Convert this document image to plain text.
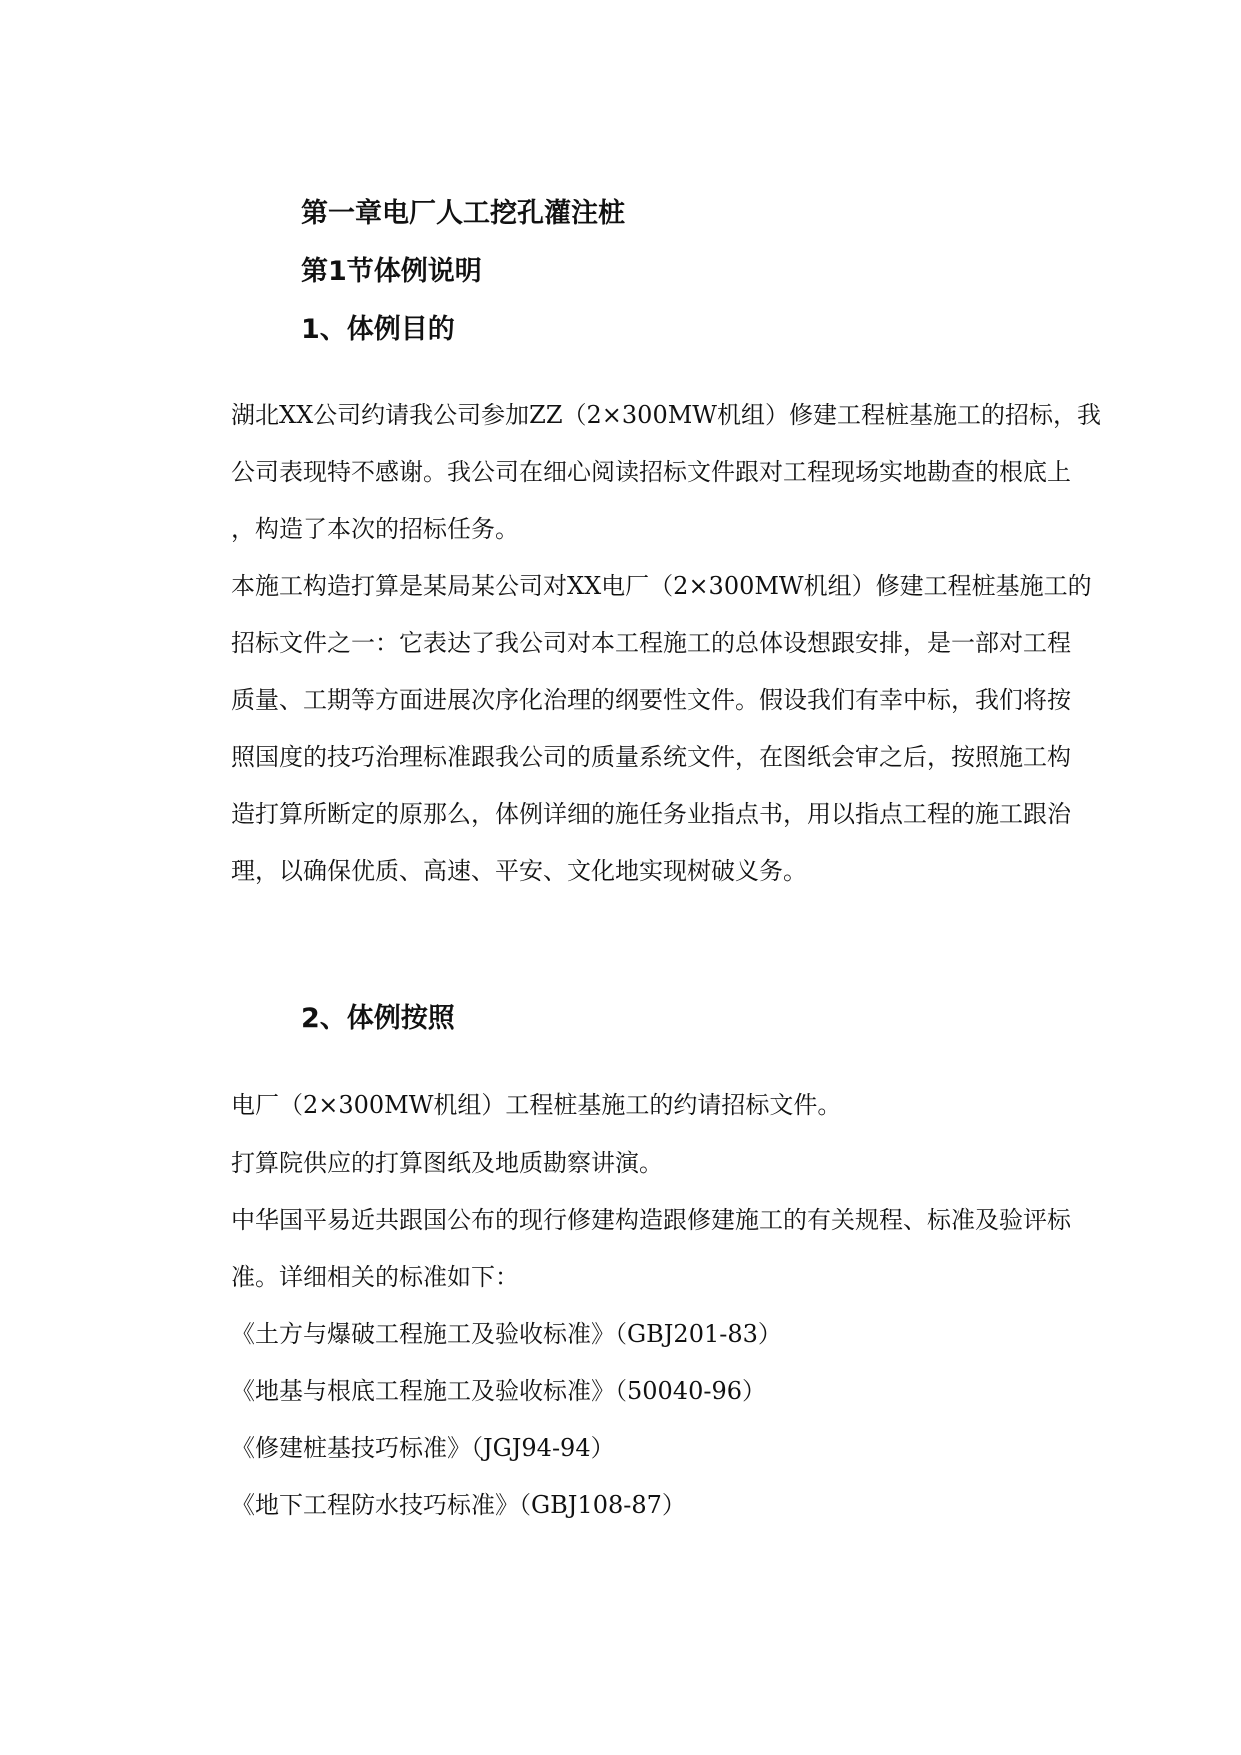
第一章电厂人工挖孔灌注桩
第1节体例说明
1、体例目的
湖北XX公司约请我公司参加ZZ（2×300MW机组）修建工程桩基施工的招标，我
公司表现特不感谢。我公司在细心阅读招标文件跟对工程现场实地勘查的根底上
，构造了本次的招标任务。
本施工构造打算是某局某公司对XX电厂（2×300MW机组）修建工程桩基施工的
招标文件之一：它表达了我公司对本工程施工的总体设想跟安排，是一部对工程
质量、工期等方面进展次序化治理的纲要性文件。假设我们有幸中标，我们将按
照国度的技巧治理标准跟我公司的质量系统文件，在图纸会审之后，按照施工构
造打算所断定的原那么，体例详细的施任务业指点书，用以指点工程的施工跟治
理，以确保优质、高速、平安、文化地实现树破义务。
2、体例按照
电厂（2×300MW机组）工程桩基施工的约请招标文件。
打算院供应的打算图纸及地质勘察讲演。
中华国平易近共跟国公布的现行修建构造跟修建施工的有关规程、标准及验评标
准。详细相关的标准如下：
《土方与爆破工程施工及验收标准》（GBJ201-83）
《地基与根底工程施工及验收标准》（50040-96）
《修建桩基技巧标准》（JGJ94-94）
《地下工程防水技巧标准》（GBJ108-87）
